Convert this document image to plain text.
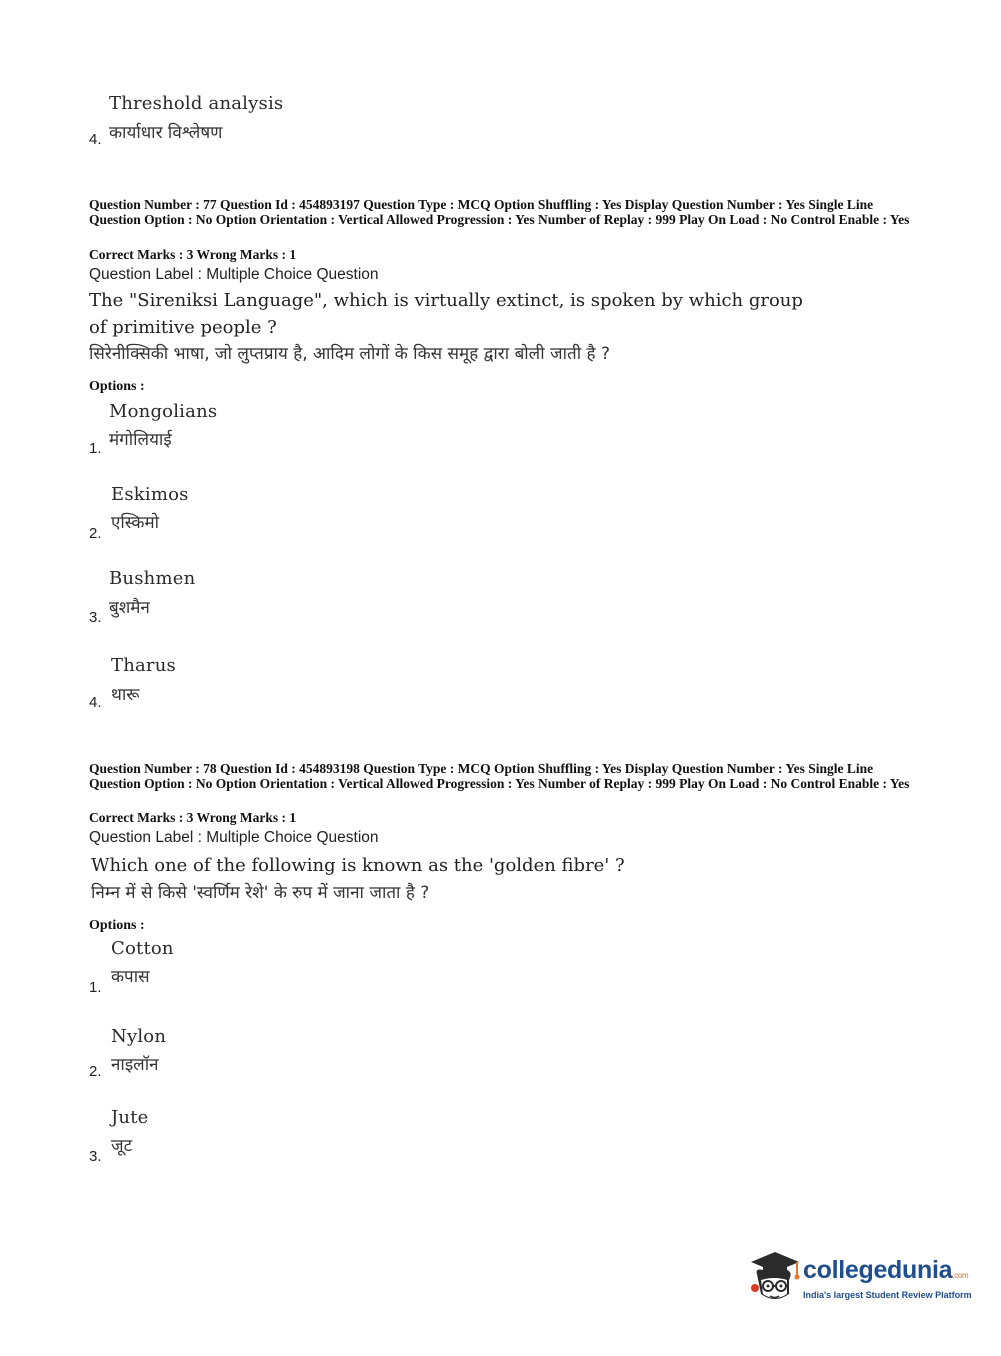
Threshold analysis
कार्याधार विश्लेषण
4.
Question Number : 77 Question Id : 454893197 Question Type : MCQ Option Shuffling : Yes Display Question Number : Yes Single Line Question Option : No Option Orientation : Vertical Allowed Progression : Yes Number of Replay : 999 Play On Load : No Control Enable : Yes
Correct Marks : 3 Wrong Marks : 1
Question Label : Multiple Choice Question
The "Sireniksi Language", which is virtually extinct, is spoken by which group of primitive people ?
सिरेनीक्सिकी भाषा, जो लुप्तप्राय है, आदिम लोगों के किस समूह द्वारा बोली जाती है ?
Options :
Mongolians
मंगोलियाई
1.
Eskimos
एस्किमो
2.
Bushmen
बुशमैन
3.
Tharus
थारू
4.
Question Number : 78 Question Id : 454893198 Question Type : MCQ Option Shuffling : Yes Display Question Number : Yes Single Line Question Option : No Option Orientation : Vertical Allowed Progression : Yes Number of Replay : 999 Play On Load : No Control Enable : Yes
Correct Marks : 3 Wrong Marks : 1
Question Label : Multiple Choice Question
Which one of the following is known as the 'golden fibre' ?
निम्न में से किसे 'स्वर्णिम रेशे' के रुप में जाना जाता है ?
Options :
Cotton
कपास
1.
Nylon
नाइलॉन
2.
Jute
जूट
3.
collegedunia.com
India's largest Student Review Platform
